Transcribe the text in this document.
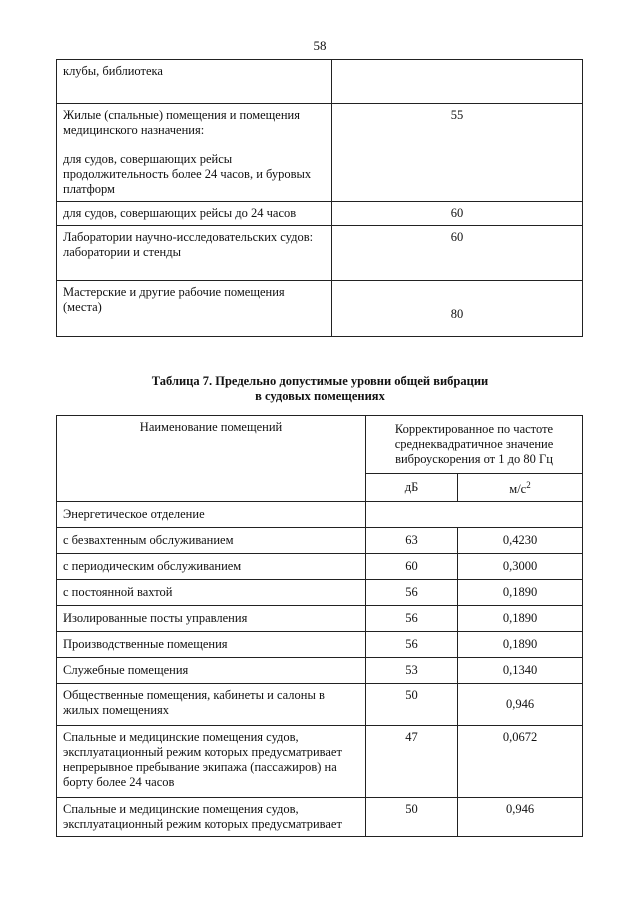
58
клубы, библиотека	

Жилые (спальные) помещения и помещения медицинского назначения:
для судов, совершающих рейсы продолжительность более 24 часов, и буровых платформ	55
для судов, совершающих рейсы до 24 часов	60
Лаборатории научно-исследовательских судов: лаборатории и стенды	60
Мастерские и другие рабочие помещения (места)	80
Таблица 7. Предельно допустимые уровни общей вибрации
в судовых помещениях
Наименование помещений	Корректированное по частоте среднеквадратичное значение виброускорения от 1 до 80 Гц	
	дБ	$м/с^2$
Энергетическое отделение		
с безвахтенным обслуживанием	63	0,4230
с периодическим обслуживанием	60	0,3000
с постоянной вахтой	56	0,1890
Изолированные посты управления	56	0,1890
Производственные помещения	56	0,1890
Служебные помещения	53	0,1340
Общественные помещения, кабинеты и салоны в жилых помещениях	50	0,946
Спальные и медицинские помещения судов, эксплуатационный режим которых предусматривает непрерывное пребывание экипажа (пассажиров) на борту более 24 часов	47	0,0672
Спальные и медицинские помещения судов, эксплуатационный режим которых предусматривает	50	0,946
